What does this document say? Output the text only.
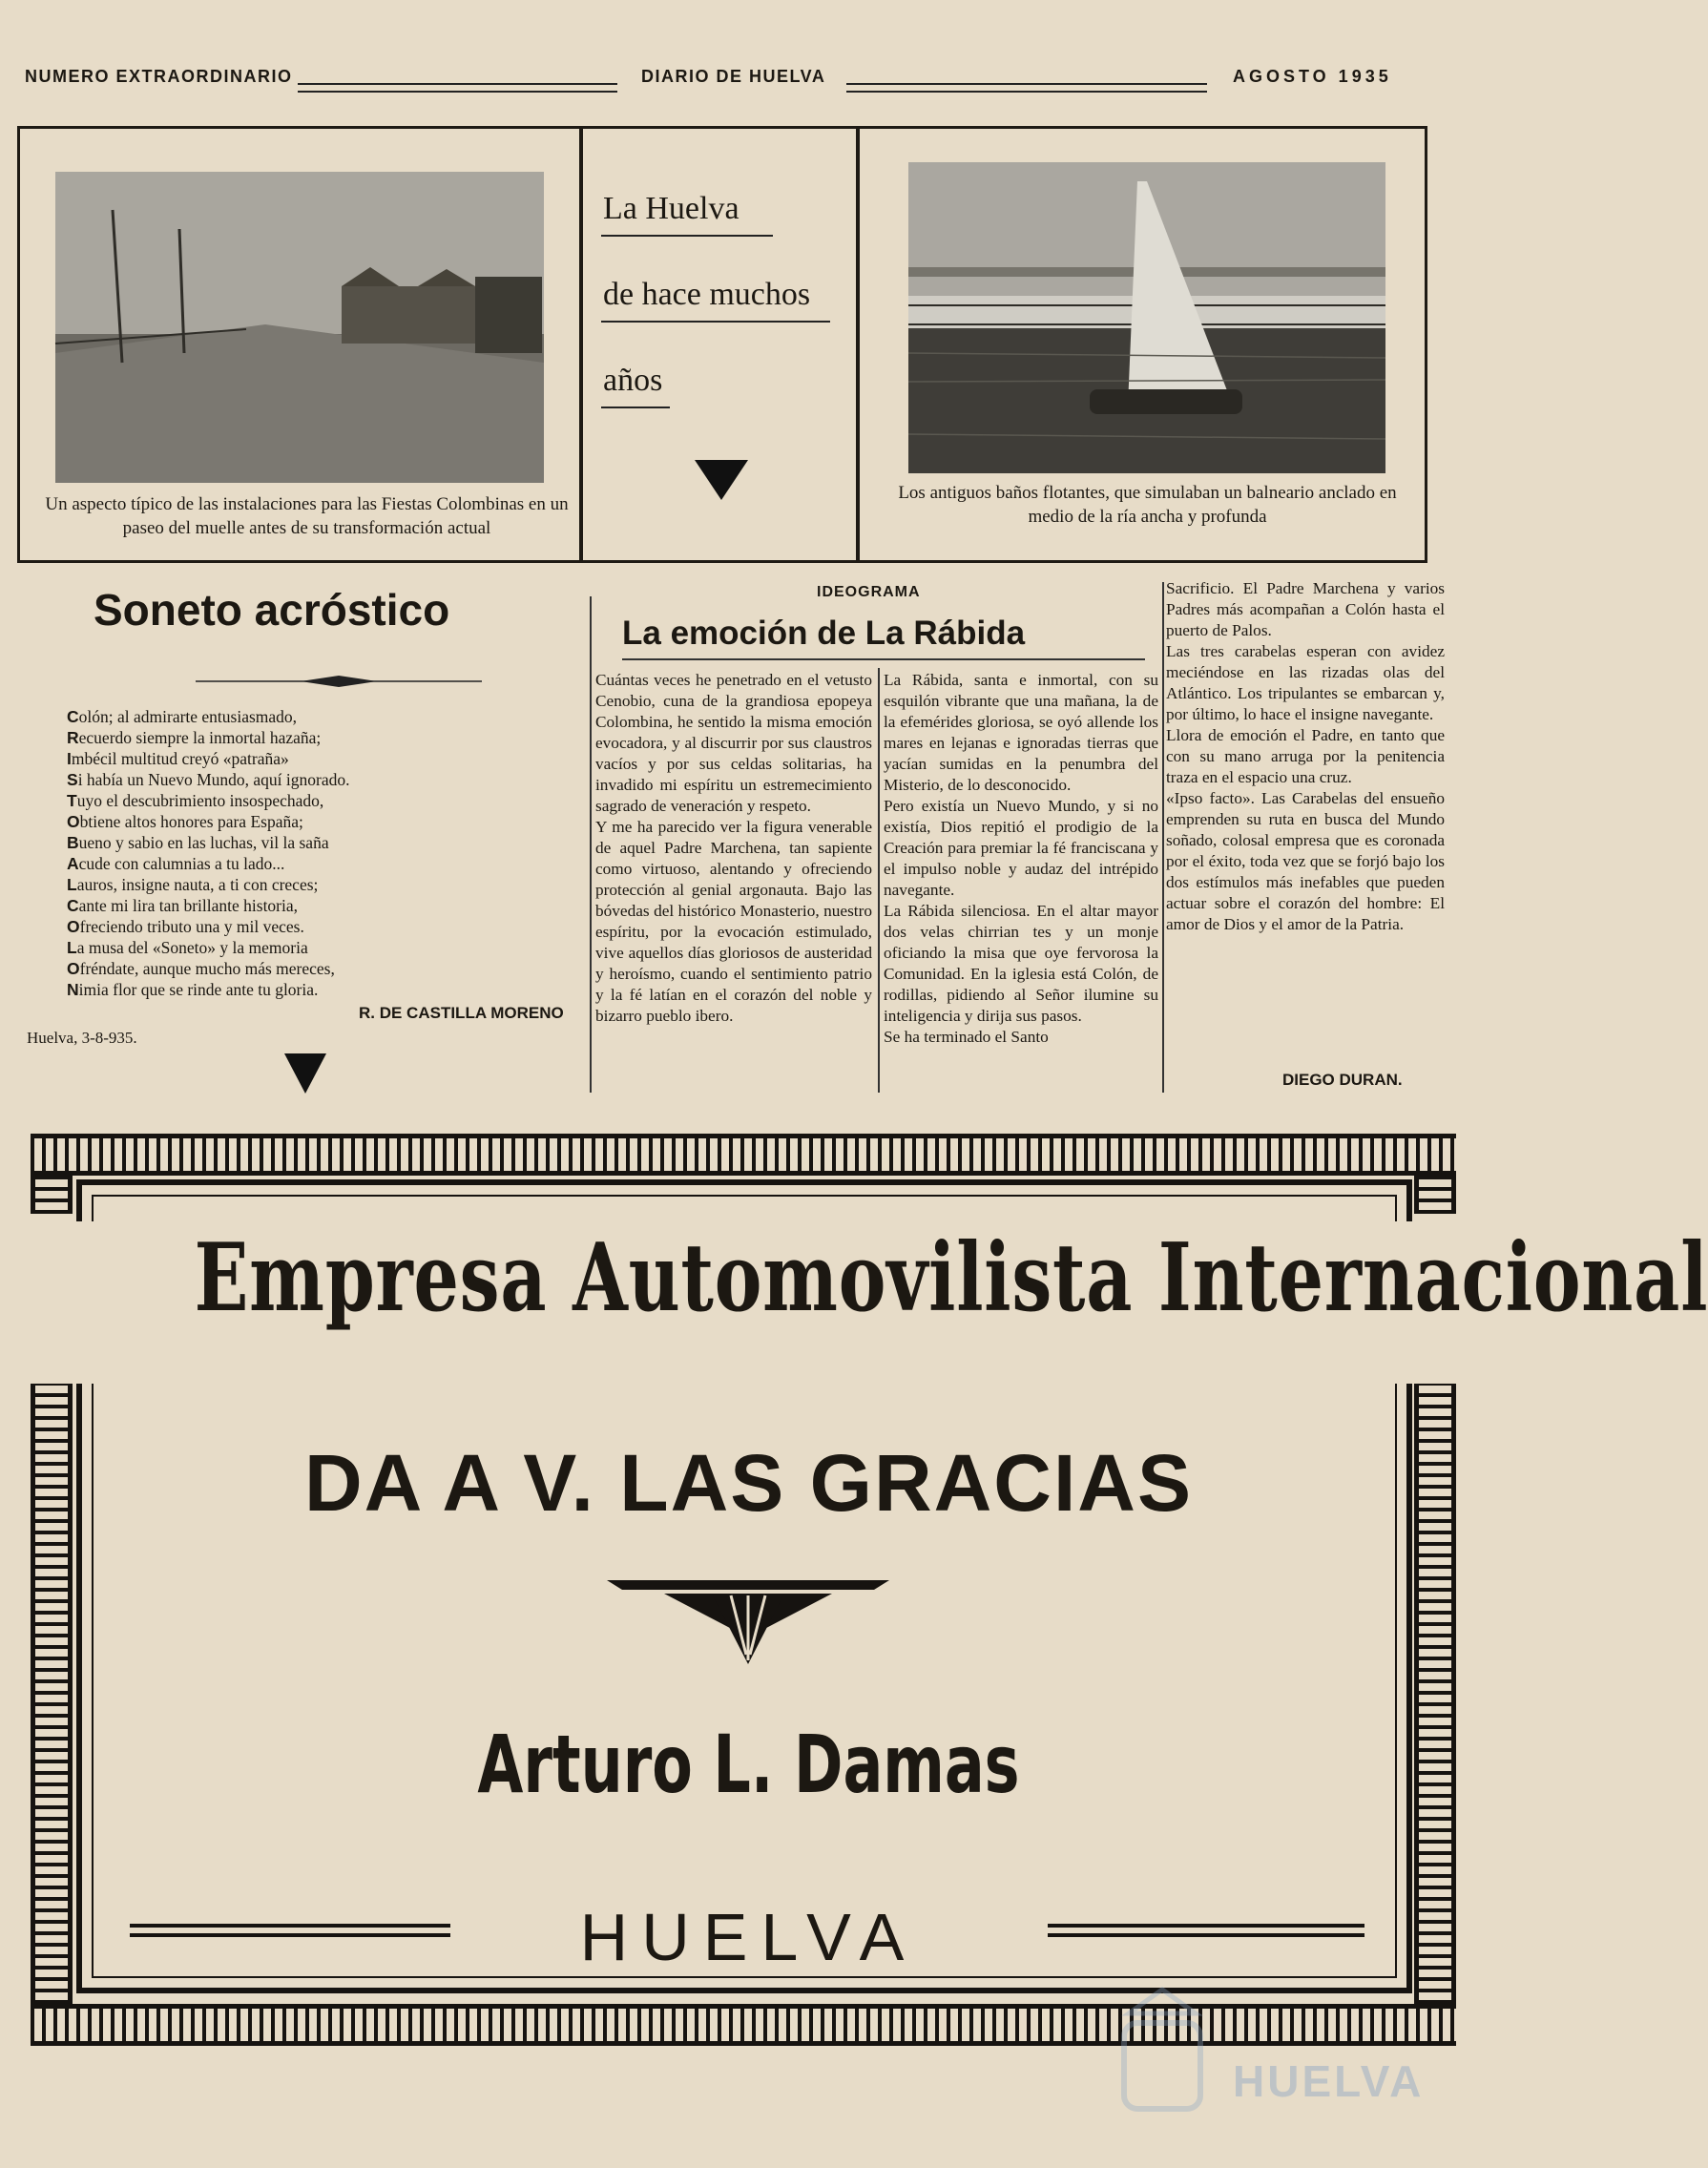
NUMERO EXTRAORDINARIO	DIARIO DE HUELVA	AGOSTO 1935
Un aspecto típico de las instalaciones para las Fiestas Colombinas en un paseo del muelle antes de su transformación actual
La Huelva
de hace muchos
años
Los antiguos baños flotantes, que simulaban un balneario anclado en medio de la ría ancha y profunda
Soneto acróstico
Colón; al admirarte entusiasmado,
Recuerdo siempre la inmortal hazaña;
Imbécil multitud creyó «patraña»
Si había un Nuevo Mundo, aquí ignorado.
Tuyo el descubrimiento insospechado,
Obtiene altos honores para España;
Bueno y sabio en las luchas, vil la saña
Acude con calumnias a tu lado...
Lauros, insigne nauta, a ti con creces;
Cante mi lira tan brillante historia,
Ofreciendo tributo una y mil veces.
La musa del «Soneto» y la memoria
Ofréndate, aunque mucho más mereces,
Nimia flor que se rinde ante tu gloria.
R. DE CASTILLA MORENO
Huelva, 3-8-935.
IDEOGRAMA
La emoción de La Rábida
Cuántas veces he penetrado en el vetusto Cenobio, cuna de la grandiosa epopeya Colombina, he sentido la misma emoción evocadora, y al discurrir por sus claustros vacíos y por sus celdas solitarias, ha invadido mi espíritu un estremecimiento sagrado de veneración y respeto.
Y me ha parecido ver la figura venerable de aquel Padre Marchena, tan sapiente como virtuoso, alentando y ofreciendo protección al genial argonauta. Bajo las bóvedas del histórico Monasterio, nuestro espíritu, por la evocación estimulado, vive aquellos días gloriosos de austeridad y heroísmo, cuando el sentimiento patrio y la fé latían en el corazón del noble y bizarro pueblo ibero.
La Rábida, santa e inmortal, con su esquilón vibrante que una mañana, la de la efemérides gloriosa, se oyó allende los mares en lejanas e ignoradas tierras que yacían sumidas en la penumbra del Misterio, de lo desconocido.
Pero existía un Nuevo Mundo, y si no existía, Dios repitió el prodigio de la Creación para premiar la fé franciscana y el impulso noble y audaz del intrépido navegante.
La Rábida silenciosa. En el altar mayor dos velas chirrian tes y un monje oficiando la misa que oye fervorosa la Comunidad. En la iglesia está Colón, de rodillas, pidiendo al Señor ilumine su inteligencia y dirija sus pasos.
Se ha terminado el Santo
Sacrificio. El Padre Marchena y varios Padres más acompañan a Colón hasta el puerto de Palos.
Las tres carabelas esperan con avidez meciéndose en las rizadas olas del Atlántico. Los tripulantes se embarcan y, por último, lo hace el insigne navegante.
Llora de emoción el Padre, en tanto que con su mano arruga por la penitencia traza en el espacio una cruz.
«Ipso facto». Las Carabelas del ensueño emprenden su ruta en busca del Mundo soñado, colosal empresa que es coronada por el éxito, toda vez que se forjó bajo los dos estímulos más inefables que pueden actuar sobre el corazón del hombre: El amor de Dios y el amor de la Patria.
DIEGO DURAN.
Empresa Automovilista Internacional
DA A V. LAS GRACIAS
Arturo L. Damas
HUELVA
HUELVA
